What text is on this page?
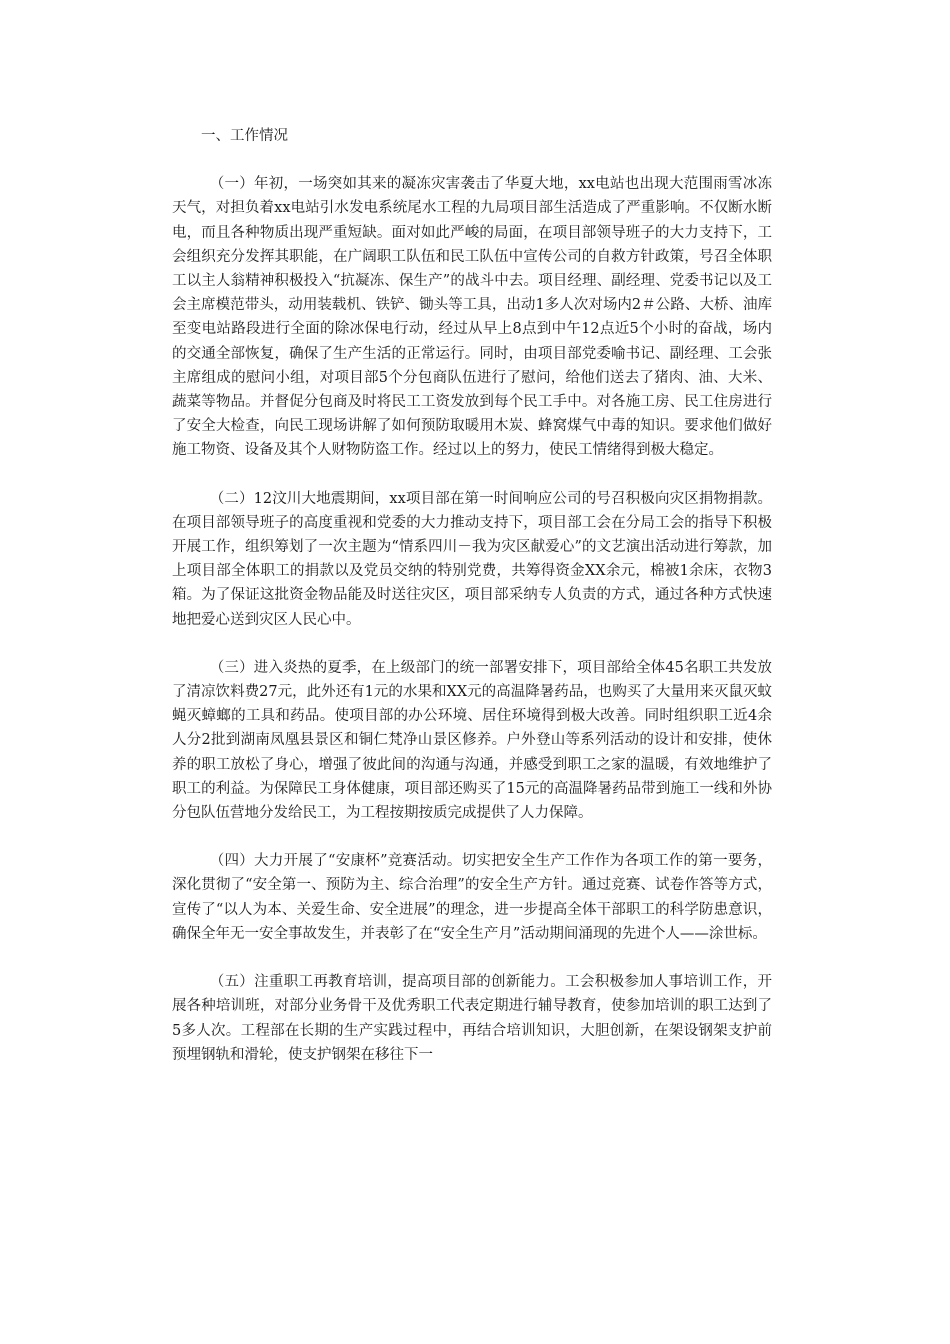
一、工作情况

（一）年初，一场突如其来的凝冻灾害袭击了华夏大地，xx电站也出现大范围雨雪冰冻天气，对担负着xx电站引水发电系统尾水工程的九局项目部生活造成了严重影响。不仅断水断电，而且各种物质出现严重短缺。面对如此严峻的局面，在项目部领导班子的大力支持下，工会组织充分发挥其职能，在广阔职工队伍和民工队伍中宣传公司的自救方针政策，号召全体职工以主人翁精神积极投入“抗凝冻、保生产”的战斗中去。项目经理、副经理、党委书记以及工会主席模范带头，动用装载机、铁铲、锄头等工具，出动1多人次对场内2＃公路、大桥、油库至变电站路段进行全面的除冰保电行动，经过从早上8点到中午12点近5个小时的奋战，场内的交通全部恢复，确保了生产生活的正常运行。同时，由项目部党委喻书记、副经理、工会张主席组成的慰问小组，对项目部5个分包商队伍进行了慰问，给他们送去了猪肉、油、大米、蔬菜等物品。并督促分包商及时将民工工资发放到每个民工手中。对各施工房、民工住房进行了安全大检查，向民工现场讲解了如何预防取暖用木炭、蜂窝煤气中毒的知识。要求他们做好施工物资、设备及其个人财物防盗工作。经过以上的努力，使民工情绪得到极大稳定。

（二）12汶川大地震期间，xx项目部在第一时间响应公司的号召积极向灾区捐物捐款。在项目部领导班子的高度重视和党委的大力推动支持下，项目部工会在分局工会的指导下积极开展工作，组织筹划了一次主题为“情系四川－我为灾区献爱心”的文艺演出活动进行筹款，加上项目部全体职工的捐款以及党员交纳的特别党费，共筹得资金XX余元，棉被1余床，衣物3箱。为了保证这批资金物品能及时送往灾区，项目部采纳专人负责的方式，通过各种方式快速地把爱心送到灾区人民心中。

（三）进入炎热的夏季，在上级部门的统一部署安排下，项目部给全体45名职工共发放了清凉饮料费27元，此外还有1元的水果和XX元的高温降暑药品，也购买了大量用来灭鼠灭蚊蝇灭蟑螂的工具和药品。使项目部的办公环境、居住环境得到极大改善。同时组织职工近4余人分2批到湖南凤凰县景区和铜仁梵净山景区修养。户外登山等系列活动的设计和安排，使休养的职工放松了身心，增强了彼此间的沟通与沟通，并感受到职工之家的温暖，有效地维护了职工的利益。为保障民工身体健康，项目部还购买了15元的高温降暑药品带到施工一线和外协分包队伍营地分发给民工，为工程按期按质完成提供了人力保障。

（四）大力开展了“安康杯”竞赛活动。切实把安全生产工作作为各项工作的第一要务，深化贯彻了“安全第一、预防为主、综合治理”的安全生产方针。通过竞赛、试卷作答等方式，宣传了“以人为本、关爱生命、安全进展”的理念，进一步提高全体干部职工的科学防患意识，确保全年无一安全事故发生，并表彰了在“安全生产月”活动期间涌现的先进个人——涂世标。

（五）注重职工再教育培训，提高项目部的创新能力。工会积极参加人事培训工作，开展各种培训班，对部分业务骨干及优秀职工代表定期进行辅导教育，使参加培训的职工达到了5多人次。工程部在长期的生产实践过程中，再结合培训知识，大胆创新，在架设钢架支护前预埋钢轨和滑轮，使支护钢架在移往下一
